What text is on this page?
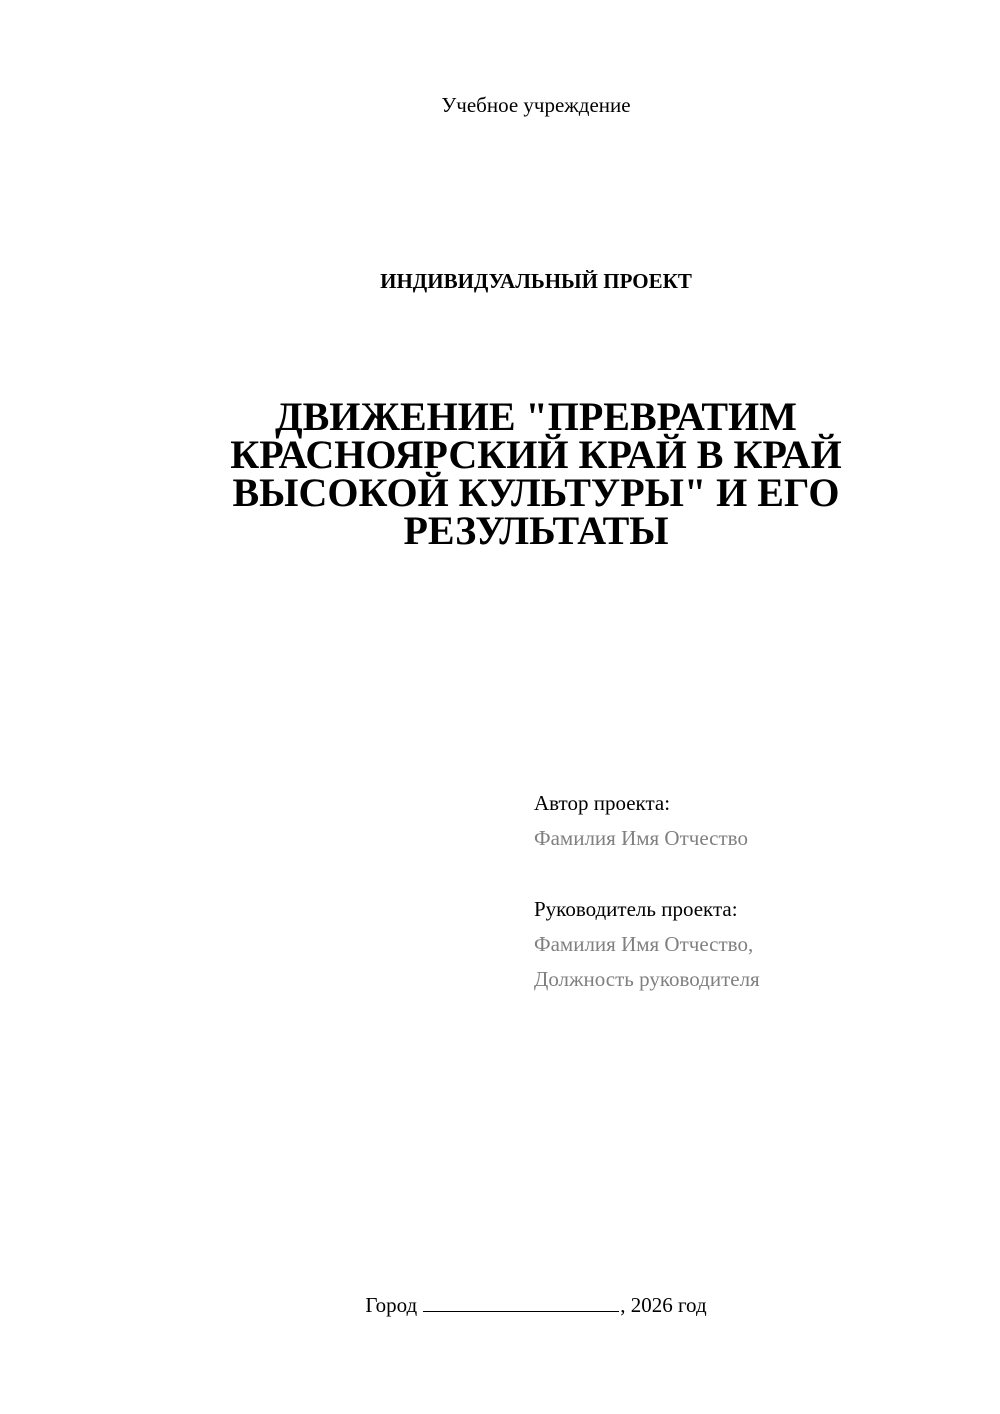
Учебное учреждение
ИНДИВИДУАЛЬНЫЙ ПРОЕКТ
ДВИЖЕНИЕ "ПРЕВРАТИМ КРАСНОЯРСКИЙ КРАЙ В КРАЙ ВЫСОКОЙ КУЛЬТУРЫ" И ЕГО РЕЗУЛЬТАТЫ
Автор проекта:
Фамилия Имя Отчество
Руководитель проекта:
Фамилия Имя Отчество,
Должность руководителя
Город	, 2026 год
